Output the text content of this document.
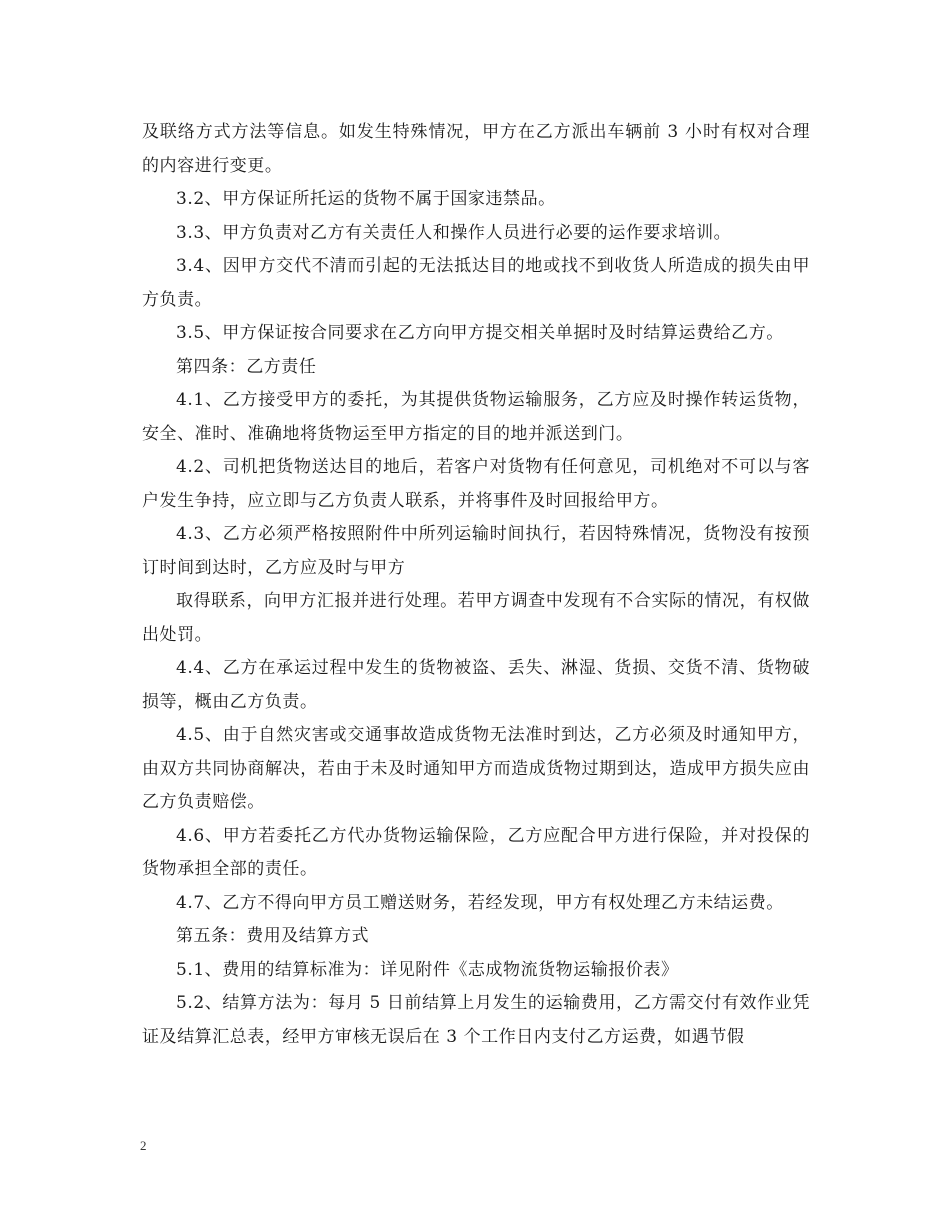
及联络方式方法等信息。如发生特殊情况，甲方在乙方派出车辆前 3 小时有权对合理的内容进行变更。

3.2、甲方保证所托运的货物不属于国家违禁品。

3.3、甲方负责对乙方有关责任人和操作人员进行必要的运作要求培训。

3.4、因甲方交代不清而引起的无法抵达目的地或找不到收货人所造成的损失由甲方负责。

3.5、甲方保证按合同要求在乙方向甲方提交相关单据时及时结算运费给乙方。

第四条：乙方责任

4.1、乙方接受甲方的委托，为其提供货物运输服务，乙方应及时操作转运货物，安全、准时、准确地将货物运至甲方指定的目的地并派送到门。

4.2、司机把货物送达目的地后，若客户对货物有任何意见，司机绝对不可以与客户发生争持，应立即与乙方负责人联系，并将事件及时回报给甲方。

4.3、乙方必须严格按照附件中所列运输时间执行，若因特殊情况，货物没有按预订时间到达时，乙方应及时与甲方

取得联系，向甲方汇报并进行处理。若甲方调查中发现有不合实际的情况，有权做出处罚。

4.4、乙方在承运过程中发生的货物被盗、丢失、淋湿、货损、交货不清、货物破损等，概由乙方负责。

4.5、由于自然灾害或交通事故造成货物无法准时到达，乙方必须及时通知甲方，由双方共同协商解决，若由于未及时通知甲方而造成货物过期到达，造成甲方损失应由乙方负责赔偿。

4.6、甲方若委托乙方代办货物运输保险，乙方应配合甲方进行保险，并对投保的货物承担全部的责任。

4.7、乙方不得向甲方员工赠送财务，若经发现，甲方有权处理乙方未结运费。

第五条：费用及结算方式

5.1、费用的结算标准为：详见附件《志成物流货物运输报价表》

5.2、结算方法为：每月 5 日前结算上月发生的运输费用，乙方需交付有效作业凭证及结算汇总表，经甲方审核无误后在 3 个工作日内支付乙方运费，如遇节假

2
